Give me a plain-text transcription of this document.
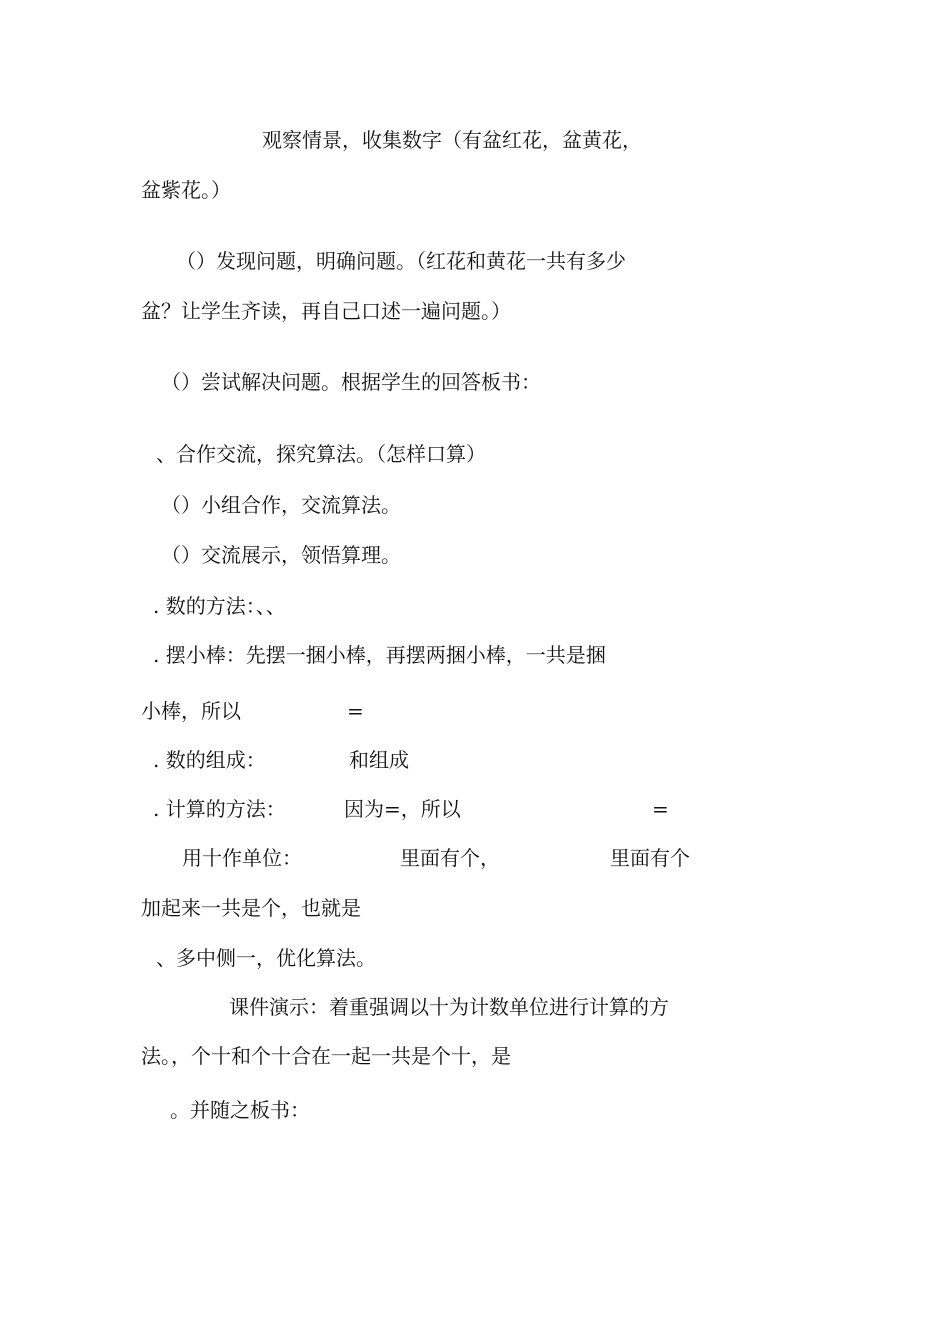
观察情景，收集数字（有盆红花，盆黄花，

盆紫花。）

（）发现问题，明确问题。（红花和黄花一共有多少

盆？让学生齐读，再自己口述一遍问题。）

（）尝试解决问题。根据学生的回答板书：

、合作交流，探究算法。（怎样口算）

（）小组合作，交流算法。

（）交流展示，领悟算理。

. 数的方法：、、

. 摆小棒：先摆一捆小棒，再摆两捆小棒，一共是捆

小棒，所以	=

. 数的组成：	和组成

. 计算的方法：	因为=，所以	=

用十作单位：	里面有个，	里面有个

加起来一共是个，也就是

、多中侧一，优化算法。

课件演示：着重强调以十为计数单位进行计算的方

法。，个十和个十合在一起一共是个十，是

。并随之板书：
